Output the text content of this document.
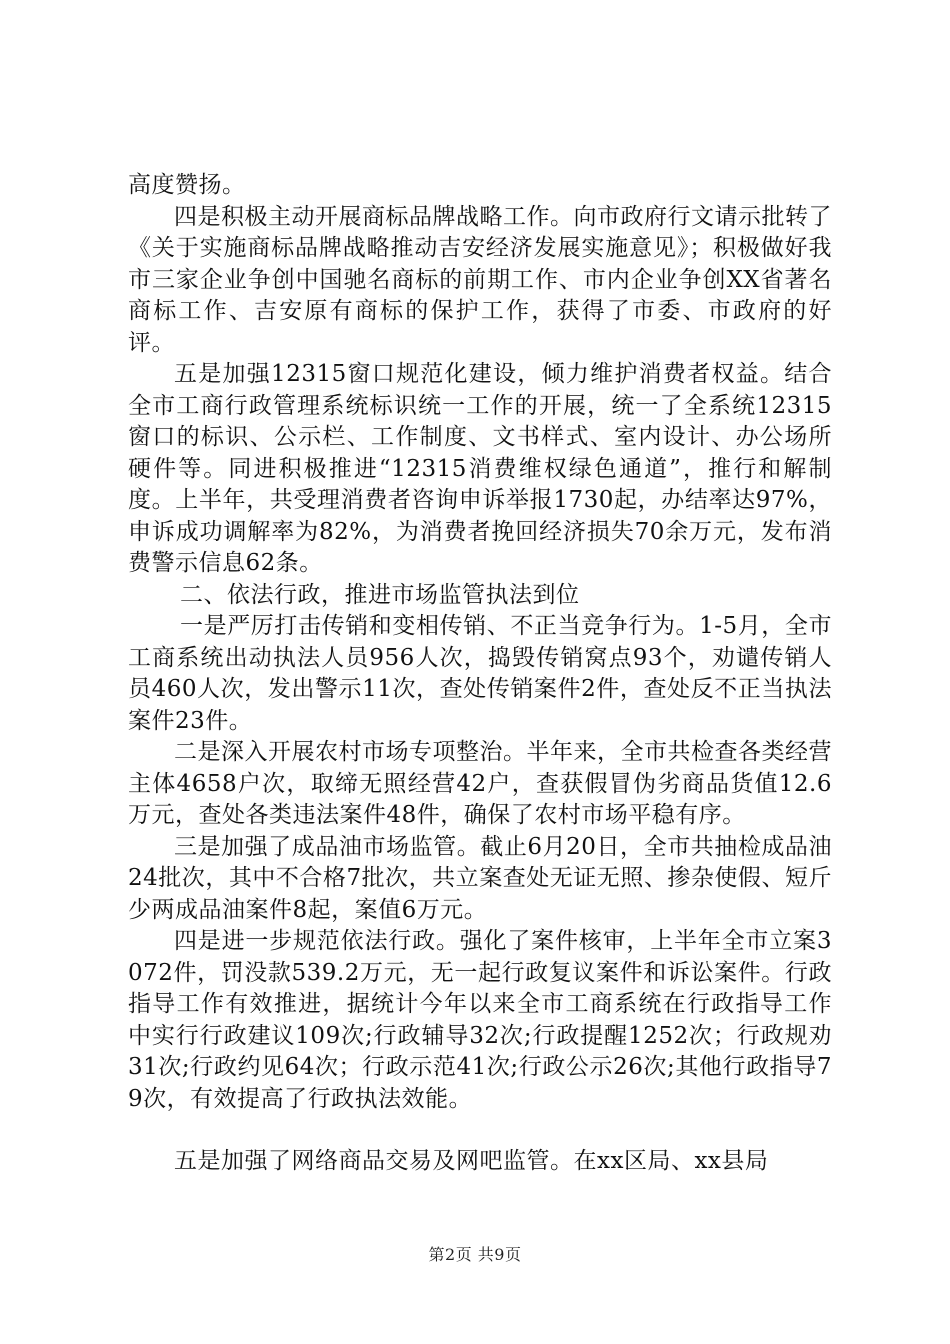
高度赞扬。

四是积极主动开展商标品牌战略工作。向市政府行文请示批转了《关于实施商标品牌战略推动吉安经济发展实施意见》；积极做好我市三家企业争创中国驰名商标的前期工作、市内企业争创XX省著名商标工作、吉安原有商标的保护工作，获得了市委、市政府的好评。

五是加强12315窗口规范化建设，倾力维护消费者权益。结合全市工商行政管理系统标识统一工作的开展，统一了全系统12315窗口的标识、公示栏、工作制度、文书样式、室内设计、办公场所硬件等。同进积极推进“12315消费维权绿色通道”，推行和解制度。上半年，共受理消费者咨询申诉举报1730起，办结率达97%，申诉成功调解率为82%，为消费者挽回经济损失70余万元，发布消费警示信息62条。

二、依法行政，推进市场监管执法到位

一是严厉打击传销和变相传销、不正当竞争行为。1-5月，全市工商系统出动执法人员956人次，捣毁传销窝点93个，劝谴传销人员460人次，发出警示11次，查处传销案件2件，查处反不正当执法案件23件。

二是深入开展农村市场专项整治。半年来，全市共检查各类经营主体4658户次，取缔无照经营42户，查获假冒伪劣商品货值12.6万元，查处各类违法案件48件，确保了农村市场平稳有序。

三是加强了成品油市场监管。截止6月20日，全市共抽检成品油24批次，其中不合格7批次，共立案查处无证无照、掺杂使假、短斤少两成品油案件8起，案值6万元。

四是进一步规范依法行政。强化了案件核审，上半年全市立案3072件，罚没款539.2万元，无一起行政复议案件和诉讼案件。行政指导工作有效推进，据统计今年以来全市工商系统在行政指导工作中实行行政建议109次;行政辅导32次;行政提醒1252次；行政规劝31次;行政约见64次；行政示范41次;行政公示26次;其他行政指导79次，有效提高了行政执法效能。

五是加强了网络商品交易及网吧监管。在xx区局、xx县局

第2页 共9页
